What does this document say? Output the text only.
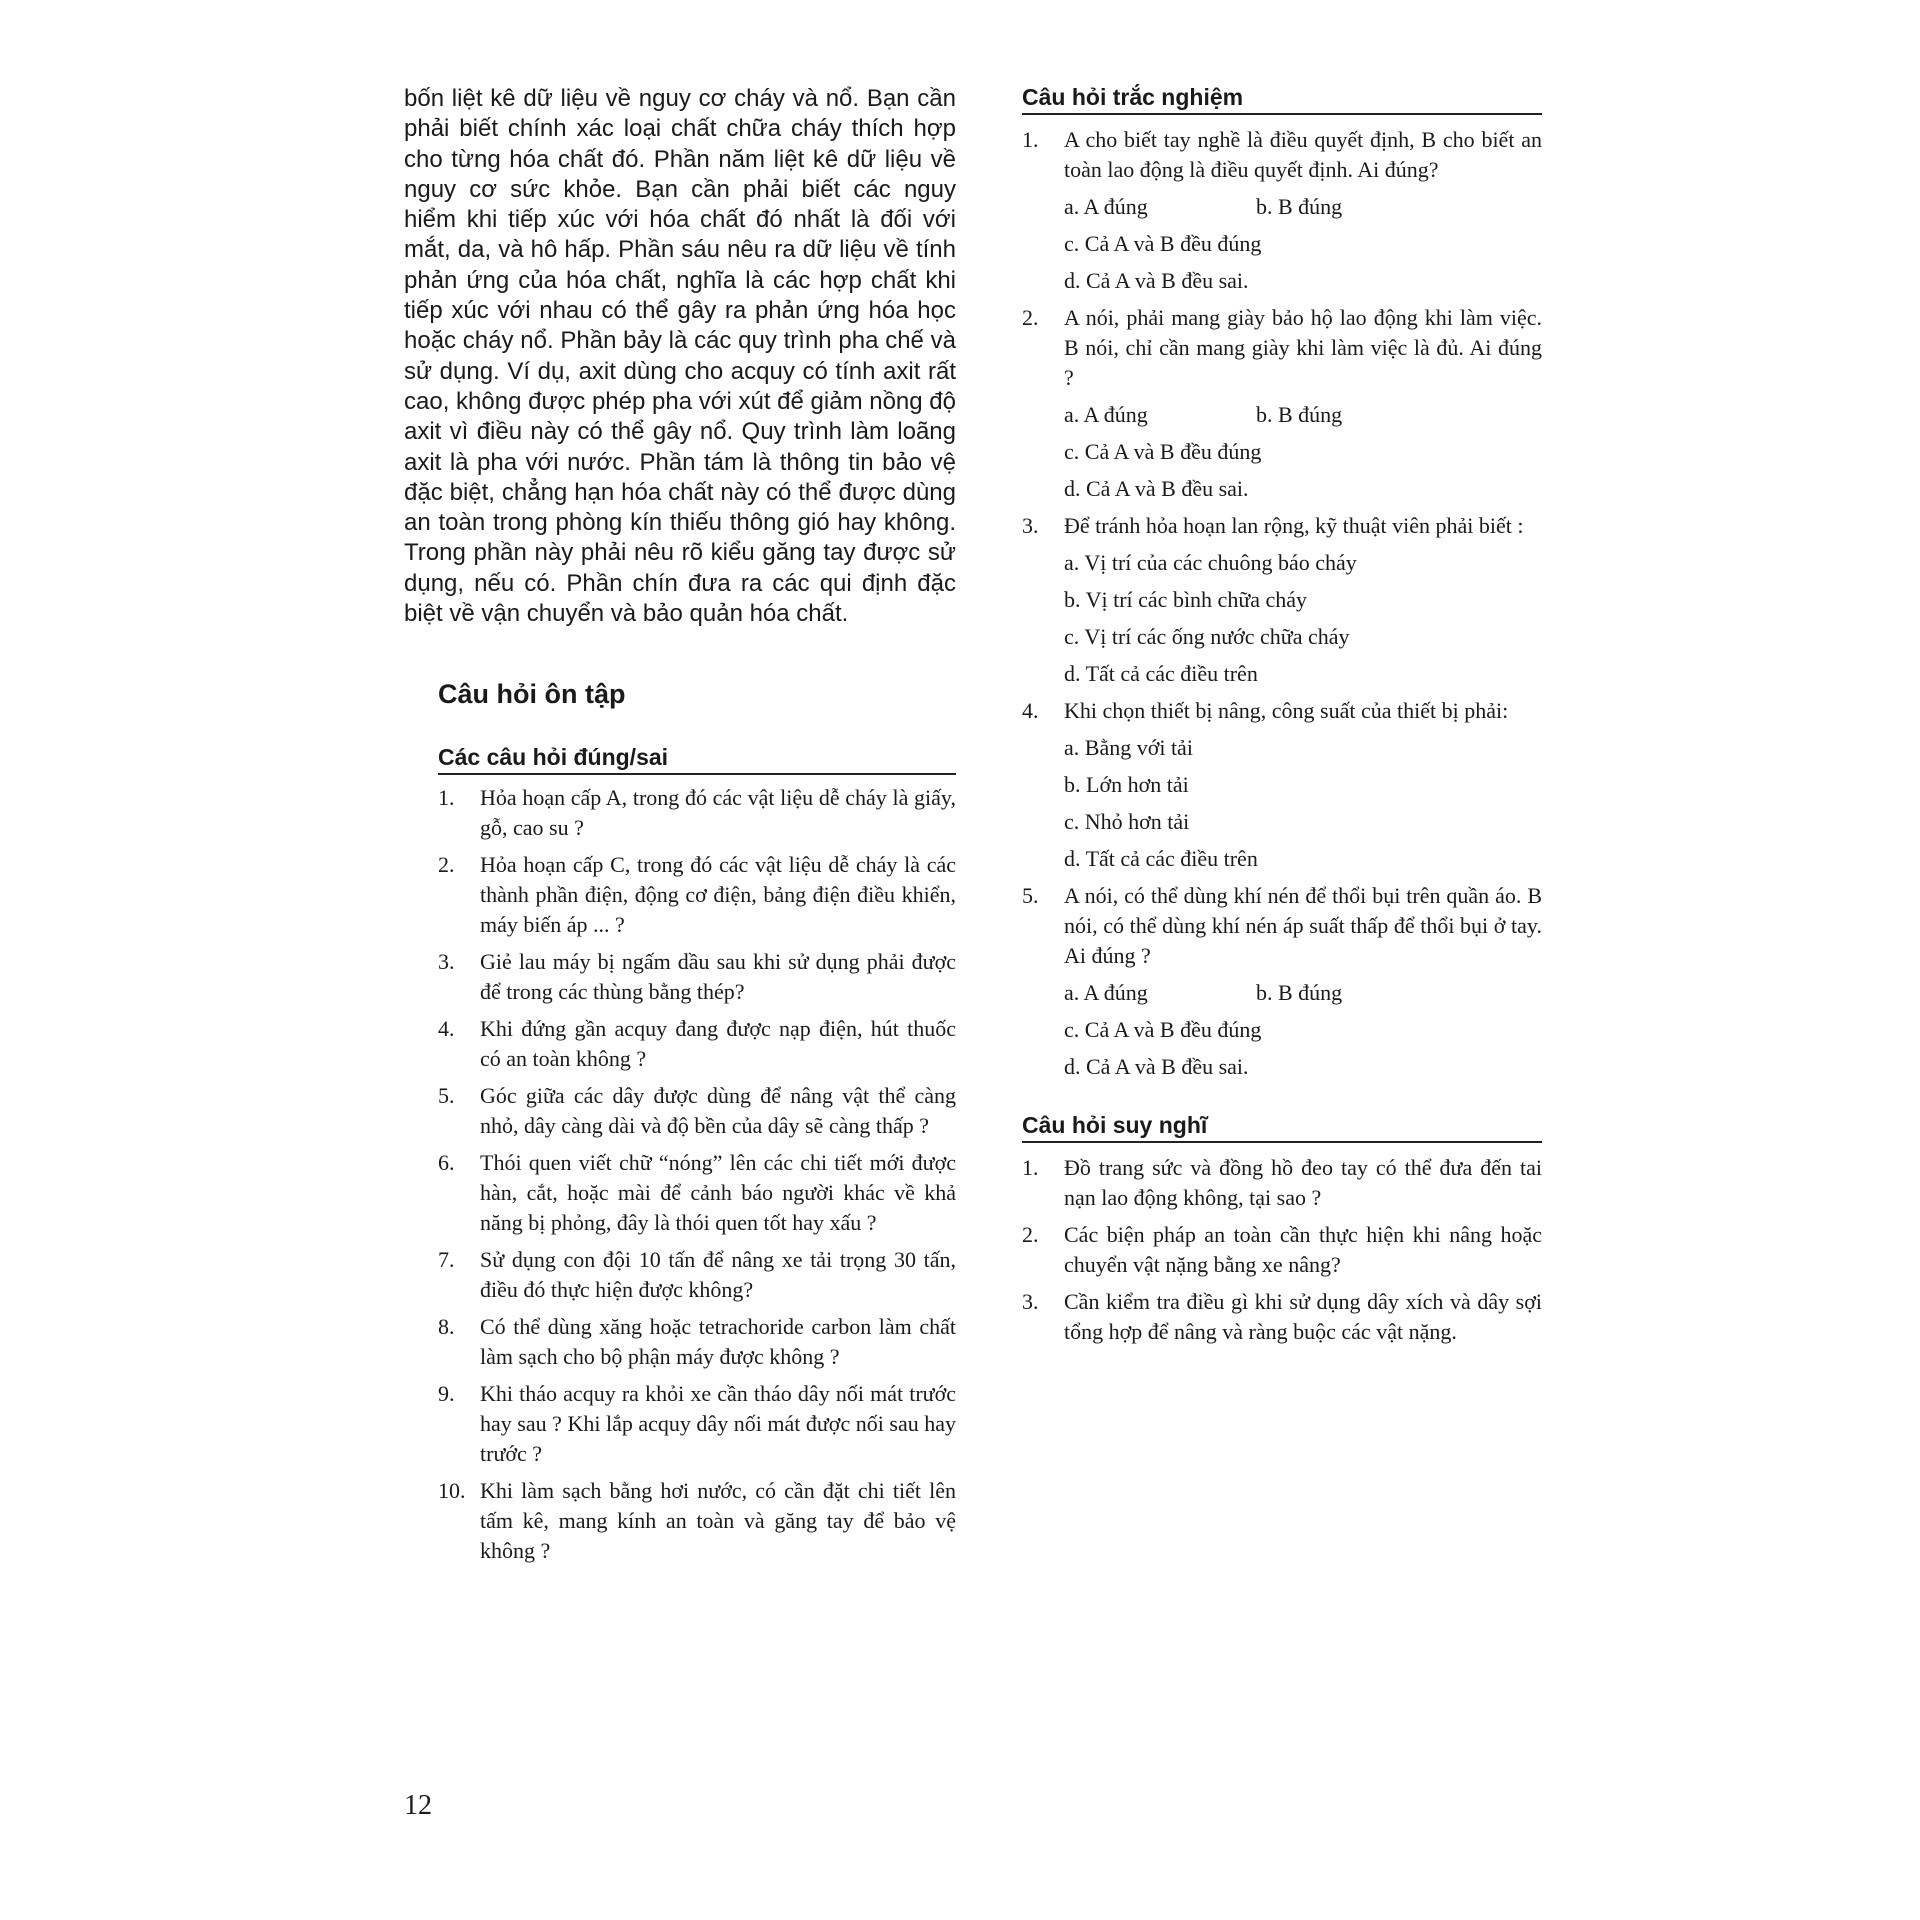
bốn liệt kê dữ liệu về nguy cơ cháy và nổ. Bạn cần phải biết chính xác loại chất chữa cháy thích hợp cho từng hóa chất đó. Phần năm liệt kê dữ liệu về nguy cơ sức khỏe. Bạn cần phải biết các nguy hiểm khi tiếp xúc với hóa chất đó nhất là đối với mắt, da, và hô hấp. Phần sáu nêu ra dữ liệu về tính phản ứng của hóa chất, nghĩa là các hợp chất khi tiếp xúc với nhau có thể gây ra phản ứng hóa học hoặc cháy nổ. Phần bảy là các quy trình pha chế và sử dụng. Ví dụ, axit dùng cho acquy có tính axit rất cao, không được phép pha với xút để giảm nồng độ axit vì điều này có thể gây nổ. Quy trình làm loãng axit là pha với nước. Phần tám là thông tin bảo vệ đặc biệt, chẳng hạn hóa chất này có thể được dùng an toàn trong phòng kín thiếu thông gió hay không. Trong phần này phải nêu rõ kiểu găng tay được sử dụng, nếu có. Phần chín đưa ra các qui định đặc biệt về vận chuyển và bảo quản hóa chất.

Câu hỏi ôn tập
Các câu hỏi đúng/sai
1. Hỏa hoạn cấp A, trong đó các vật liệu dễ cháy là giấy, gỗ, cao su ?
2. Hỏa hoạn cấp C, trong đó các vật liệu dễ cháy là các thành phần điện, động cơ điện, bảng điện điều khiển, máy biến áp ... ?
3. Giẻ lau máy bị ngấm dầu sau khi sử dụng phải được để trong các thùng bằng thép?
4. Khi đứng gần acquy đang được nạp điện, hút thuốc có an toàn không ?
5. Góc giữa các dây được dùng để nâng vật thể càng nhỏ, dây càng dài và độ bền của dây sẽ càng thấp ?
6. Thói quen viết chữ “nóng” lên các chi tiết mới được hàn, cắt, hoặc mài để cảnh báo người khác về khả năng bị phỏng, đây là thói quen tốt hay xấu ?
7. Sử dụng con đội 10 tấn để nâng xe tải trọng 30 tấn, điều đó thực hiện được không?
8. Có thể dùng xăng hoặc tetrachoride carbon làm chất làm sạch cho bộ phận máy được không ?
9. Khi tháo acquy ra khỏi xe cần tháo dây nối mát trước hay sau ? Khi lắp acquy dây nối mát được nối sau hay trước ?
10. Khi làm sạch bằng hơi nước, có cần đặt chi tiết lên tấm kê, mang kính an toàn và găng tay để bảo vệ không ?
Câu hỏi trắc nghiệm
1. A cho biết tay nghề là điều quyết định, B cho biết an toàn lao động là điều quyết định. Ai đúng?
a. A đúng	b. B đúng
c. Cả A và B đều đúng
d. Cả A và B đều sai.
2. A nói, phải mang giày bảo hộ lao động khi làm việc. B nói, chỉ cần mang giày khi làm việc là đủ. Ai đúng ?
a. A đúng	b. B đúng
c. Cả A và B đều đúng
d. Cả A và B đều sai.
3. Để tránh hỏa hoạn lan rộng, kỹ thuật viên phải biết :
a. Vị trí của các chuông báo cháy
b. Vị trí các bình chữa cháy
c. Vị trí các ống nước chữa cháy
d. Tất cả các điều trên
4. Khi chọn thiết bị nâng, công suất của thiết bị phải:
a. Bằng với tải
b. Lớn hơn tải
c. Nhỏ hơn tải
d. Tất cả các điều trên
5. A nói, có thể dùng khí nén để thổi bụi trên quần áo. B nói, có thể dùng khí nén áp suất thấp để thổi bụi ở tay. Ai đúng ?
a. A đúng	b. B đúng
c. Cả A và B đều đúng
d. Cả A và B đều sai.
Câu hỏi suy nghĩ
1. Đồ trang sức và đồng hồ đeo tay có thể đưa đến tai nạn lao động không, tại sao ?
2. Các biện pháp an toàn cần thực hiện khi nâng hoặc chuyển vật nặng bằng xe nâng?
3. Cần kiểm tra điều gì khi sử dụng dây xích và dây sợi tổng hợp để nâng và ràng buộc các vật nặng.
12
